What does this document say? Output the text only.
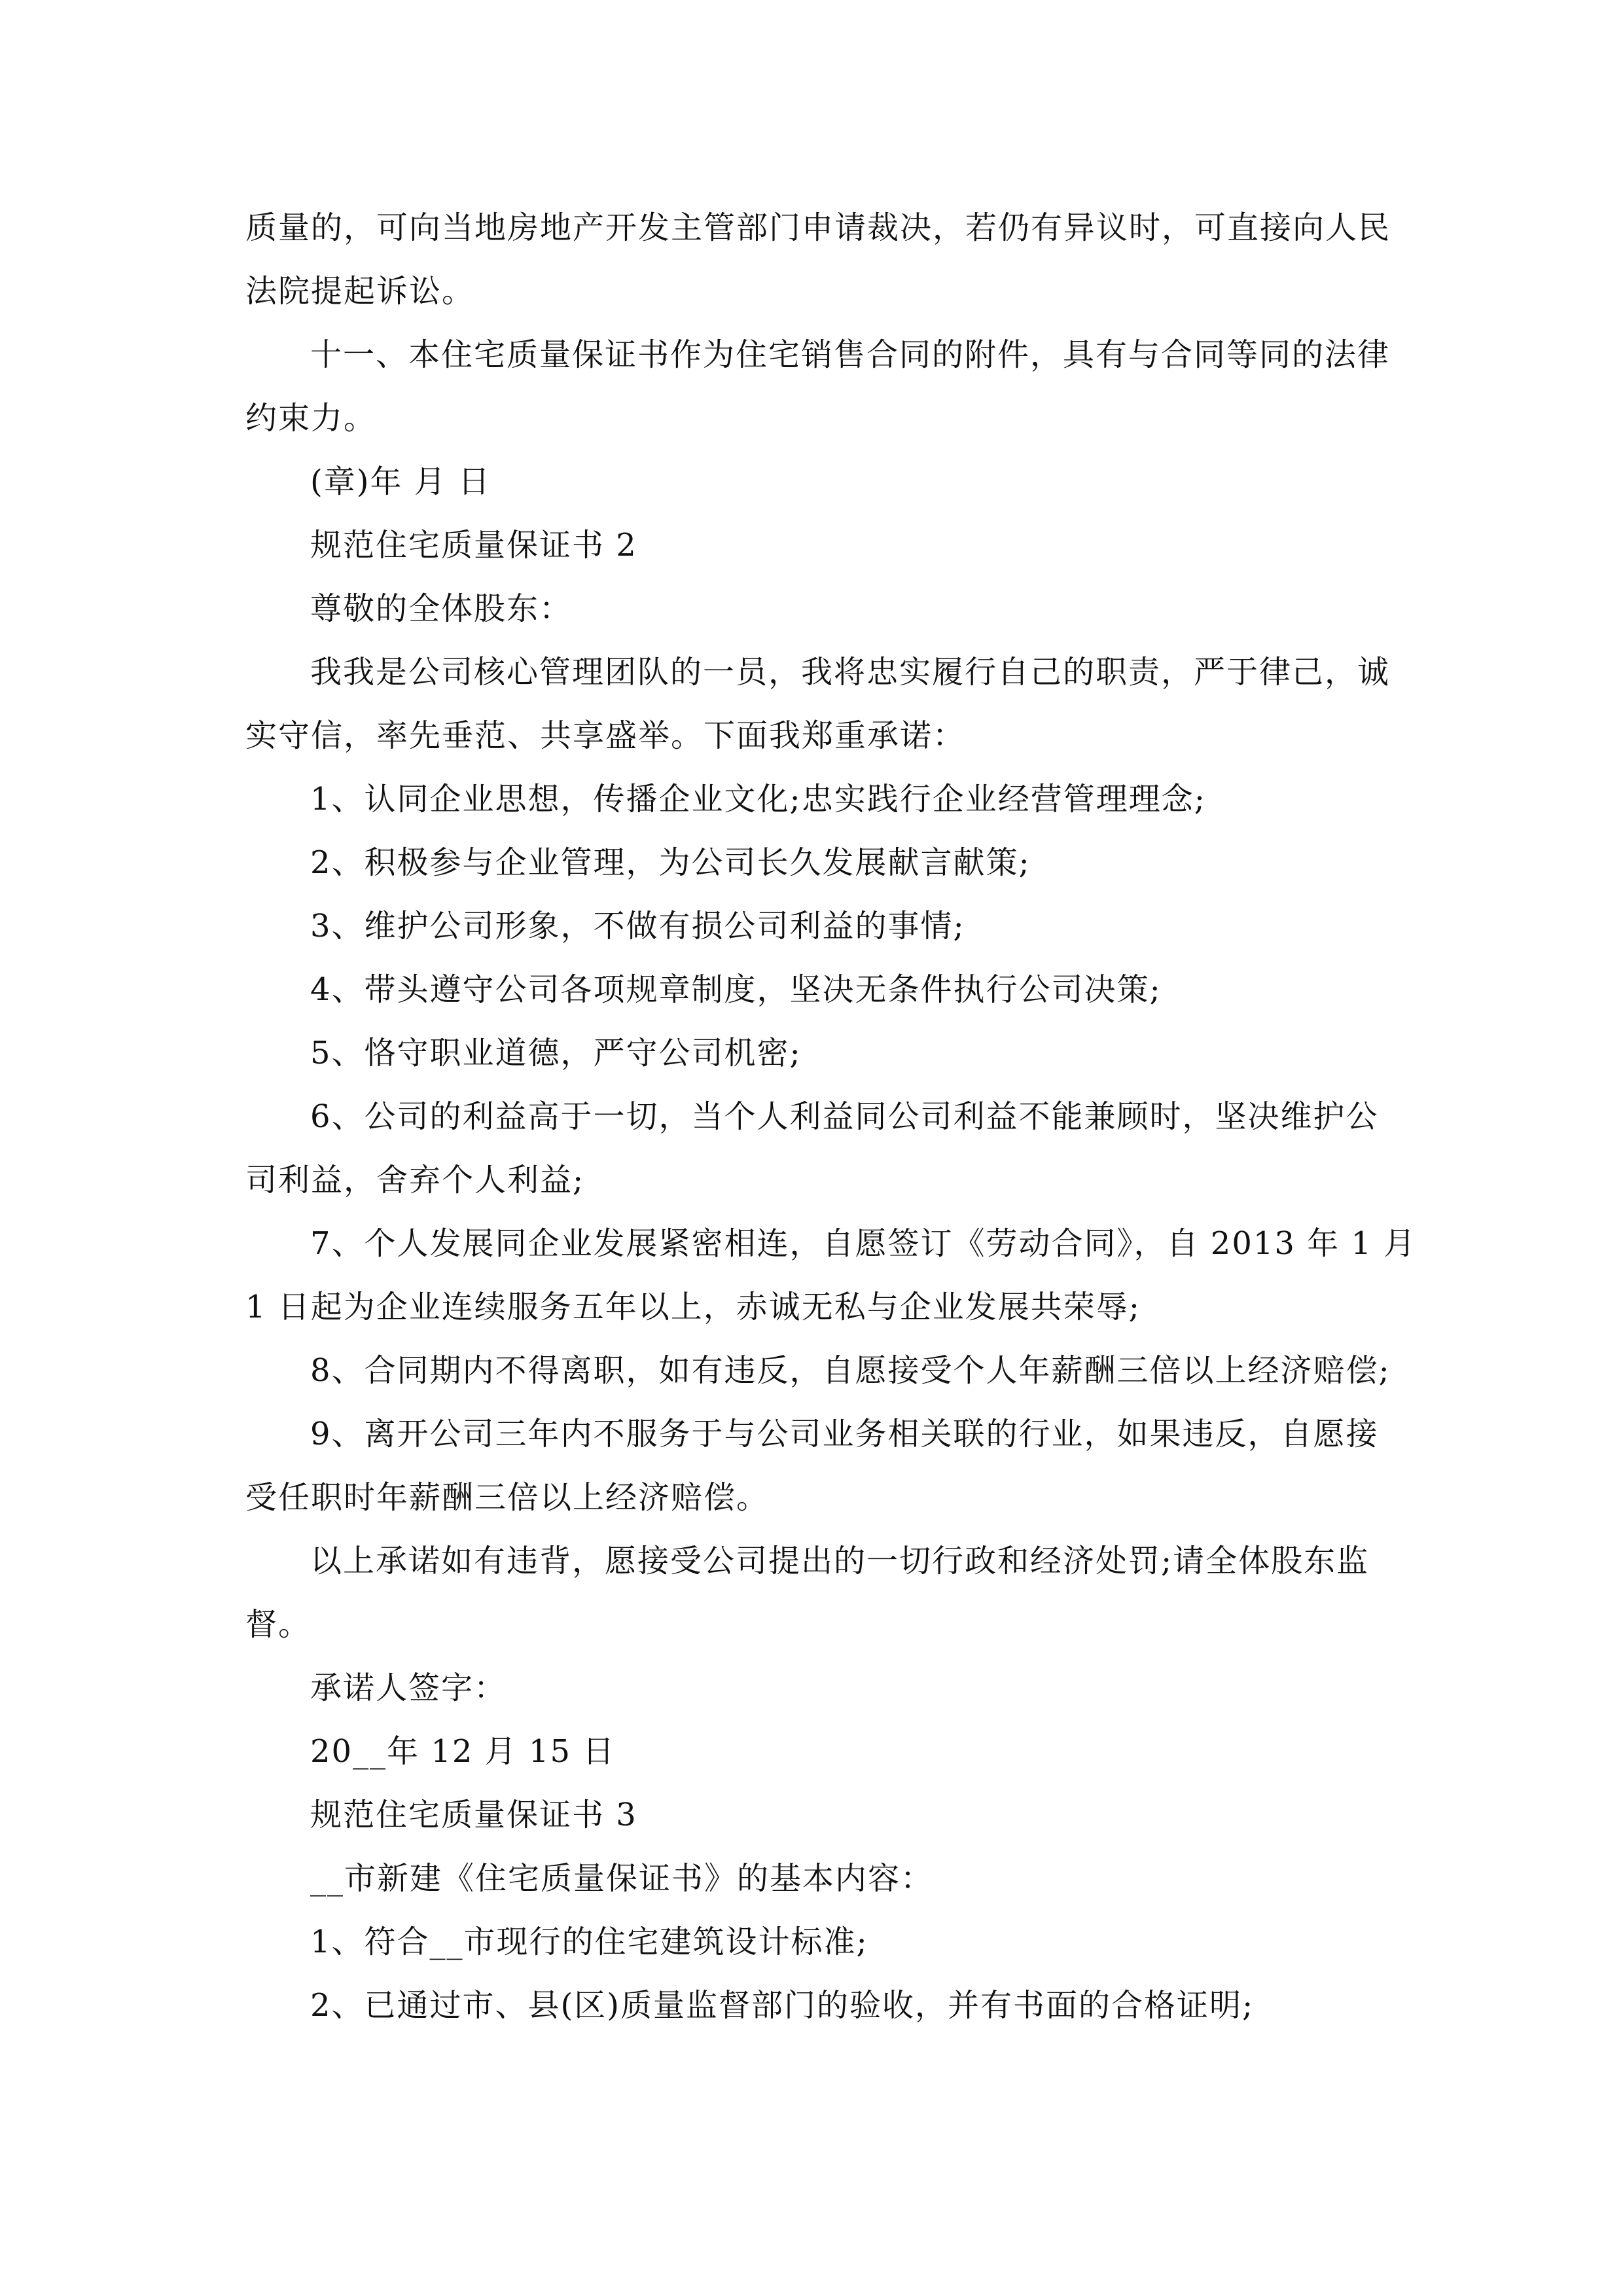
质量的，可向当地房地产开发主管部门申请裁决，若仍有异议时，可直接向人民

法院提起诉讼。

十一、本住宅质量保证书作为住宅销售合同的附件，具有与合同等同的法律

约束力。

(章)年 月 日

规范住宅质量保证书 2

尊敬的全体股东：

我我是公司核心管理团队的一员，我将忠实履行自己的职责，严于律己，诚

实守信，率先垂范、共享盛举。下面我郑重承诺：

1、认同企业思想，传播企业文化;忠实践行企业经营管理理念;

2、积极参与企业管理，为公司长久发展献言献策;

3、维护公司形象，不做有损公司利益的事情;

4、带头遵守公司各项规章制度，坚决无条件执行公司决策;

5、恪守职业道德，严守公司机密;

6、公司的利益高于一切，当个人利益同公司利益不能兼顾时，坚决维护公

司利益，舍弃个人利益;

7、个人发展同企业发展紧密相连，自愿签订《劳动合同》，自 2013 年 1 月

1 日起为企业连续服务五年以上，赤诚无私与企业发展共荣辱;

8、合同期内不得离职，如有违反，自愿接受个人年薪酬三倍以上经济赔偿;

9、离开公司三年内不服务于与公司业务相关联的行业，如果违反，自愿接

受任职时年薪酬三倍以上经济赔偿。

以上承诺如有违背，愿接受公司提出的一切行政和经济处罚;请全体股东监

督。

承诺人签字：

20__年 12 月 15 日

规范住宅质量保证书 3

__市新建《住宅质量保证书》的基本内容：

1、符合__市现行的住宅建筑设计标准;

2、已通过市、县(区)质量监督部门的验收，并有书面的合格证明;
